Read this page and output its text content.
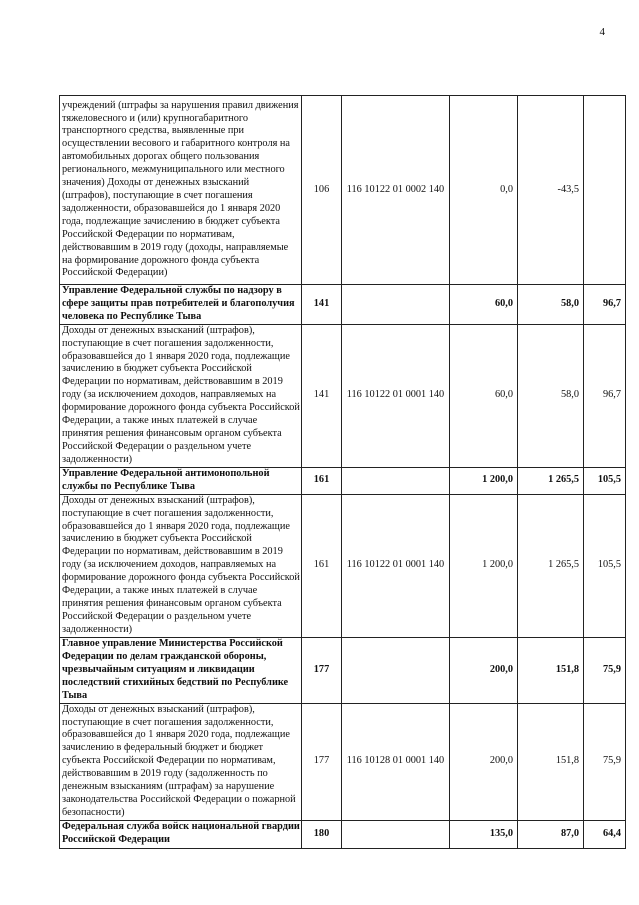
4
учреждений (штрафы за нарушения правил движения тяжеловесного и (или) крупногабаритного транспортного средства, выявленные при осуществлении весового и габаритного контроля на автомобильных дорогах общего пользования регионального, межмуниципального или местного значения) Доходы от денежных взысканий (штрафов), поступающие в счет погашения задолженности, образовавшейся до 1 января 2020 года, подлежащие зачислению в бюджет субъекта Российской Федерации по нормативам, действовавшим в 2019 году (доходы, направляемые на формирование дорожного фонда субъекта Российской Федерации)	106	116 10122 01 0002 140	0,0	-43,5	
Управление Федеральной службы по надзору в сфере защиты прав потребителей и благополучия человека по Республике Тыва	141		60,0	58,0	96,7
Доходы от денежных взысканий (штрафов), поступающие в счет погашения задолженности, образовавшейся до 1 января 2020 года, подлежащие зачислению в бюджет субъекта Российской Федерации по нормативам, действовавшим в 2019 году (за исключением доходов, направляемых на формирование дорожного фонда субъекта Российской Федерации, а также иных платежей в случае принятия решения финансовым органом субъекта Российской Федерации о раздельном учете задолженности)	141	116 10122 01 0001 140	60,0	58,0	96,7
Управление Федеральной антимонопольной службы по Республике Тыва	161		1 200,0	1 265,5	105,5
Доходы от денежных взысканий (штрафов), поступающие в счет погашения задолженности, образовавшейся до 1 января 2020 года, подлежащие зачислению в бюджет субъекта Российской Федерации по нормативам, действовавшим в 2019 году (за исключением доходов, направляемых на формирование дорожного фонда субъекта Российской Федерации, а также иных платежей в случае принятия решения финансовым органом субъекта Российской Федерации о раздельном учете задолженности)	161	116 10122 01 0001 140	1 200,0	1 265,5	105,5
Главное управление Министерства Российской Федерации по делам гражданской обороны, чрезвычайным ситуациям и ликвидации последствий стихийных бедствий по Республике Тыва	177		200,0	151,8	75,9
Доходы от денежных взысканий (штрафов), поступающие в счет погашения задолженности, образовавшейся до 1 января 2020 года, подлежащие зачислению в федеральный бюджет и бюджет субъекта Российской Федерации по нормативам, действовавшим в 2019 году (задолженность по денежным взысканиям (штрафам) за нарушение законодательства Российской Федерации о пожарной безопасности)	177	116 10128 01 0001 140	200,0	151,8	75,9
Федеральная служба войск национальной гвардии Российской Федерации	180		135,0	87,0	64,4
